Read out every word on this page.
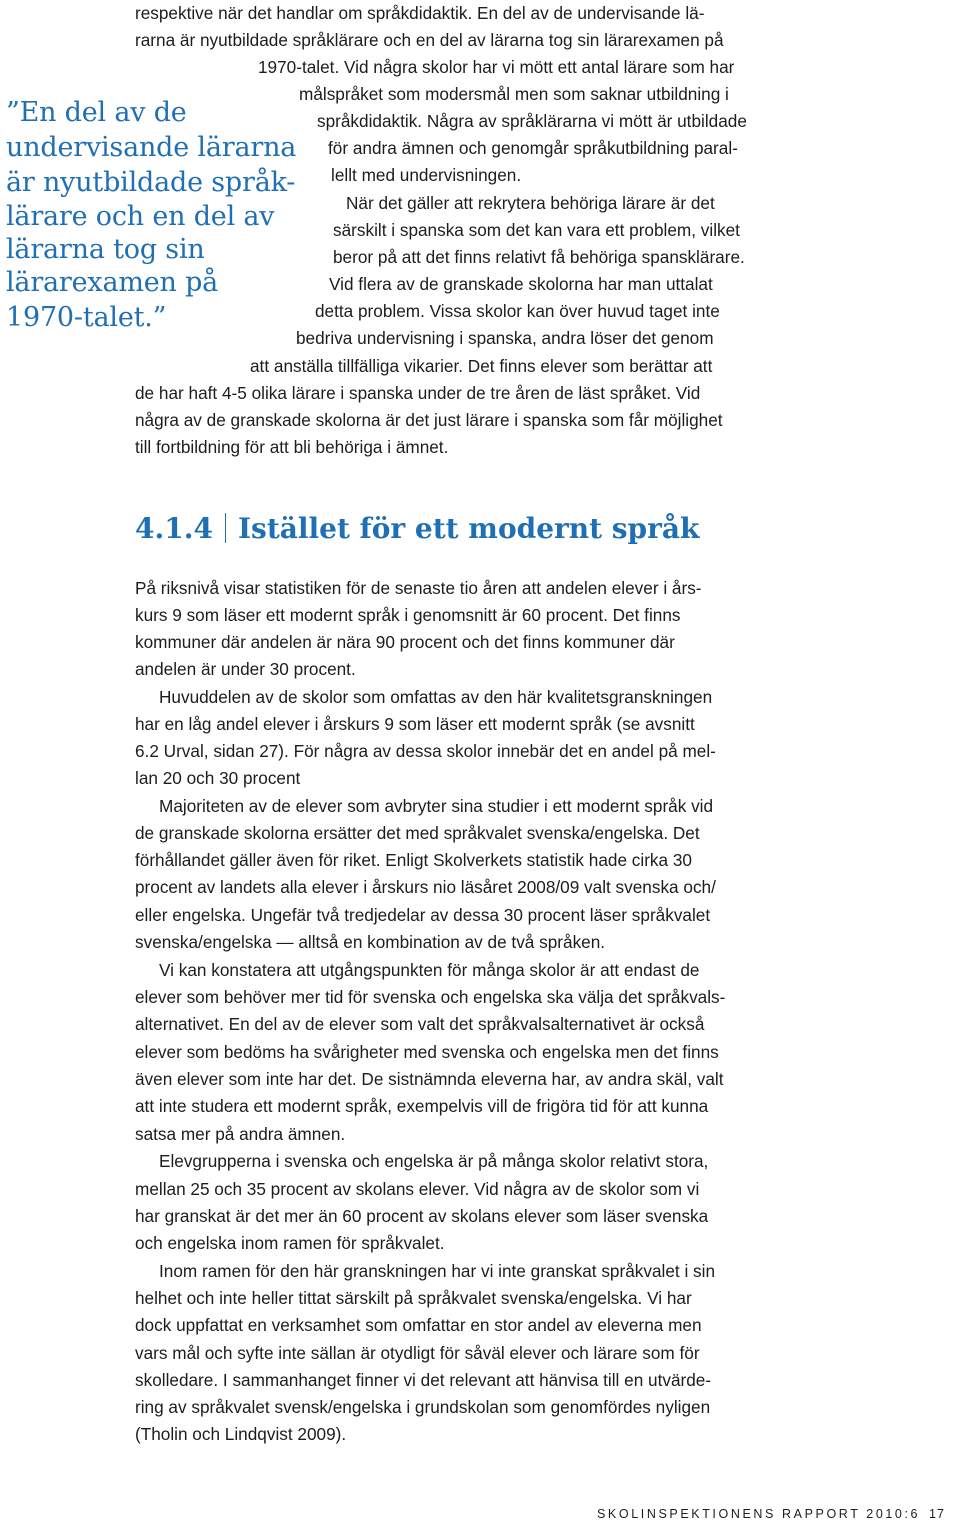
respektive när det handlar om språkdidaktik. En del av de undervisande lä-

rarna är nyutbildade språklärare och en del av lärarna tog sin lärarexamen på

1970-talet. Vid några skolor har vi mött ett antal lärare som har

målspråket som modersmål men som saknar utbildning i

språkdidaktik. Några av språklärarna vi mött är utbildade

för andra ämnen och genomgår språkutbildning paral-

lellt med undervisningen.

När det gäller att rekrytera behöriga lärare är det

särskilt i spanska som det kan vara ett problem, vilket

beror på att det finns relativt få behöriga spansklärare.

Vid flera av de granskade skolorna har man uttalat

detta problem. Vissa skolor kan över huvud taget inte

bedriva undervisning i spanska, andra löser det genom

att anställa tillfälliga vikarier. Det finns elever som berättar att

de har haft 4-5 olika lärare i spanska under de tre åren de läst språket. Vid

några av de granskade skolorna är det just lärare i spanska som får möjlighet

till fortbildning för att bli behöriga i ämnet.

”En del av de

undervisande lärarna

är nyutbildade språk-

lärare och en del av

lärarna tog sin

lärarexamen på

1970-talet.”

4.1.4 Istället för ett modernt språk

På riksnivå visar statistiken för de senaste tio åren att andelen elever i års-

kurs 9 som läser ett modernt språk i genomsnitt är 60 procent. Det finns

kommuner där andelen är nära 90 procent och det finns kommuner där

andelen är under 30 procent.

Huvuddelen av de skolor som omfattas av den här kvalitetsgranskningen

har en låg andel elever i årskurs 9 som läser ett modernt språk (se avsnitt

6.2 Urval, sidan 27). För några av dessa skolor innebär det en andel på mel-

lan 20 och 30 procent

Majoriteten av de elever som avbryter sina studier i ett modernt språk vid

de granskade skolorna ersätter det med språkvalet svenska/engelska. Det

förhållandet gäller även för riket. Enligt Skolverkets statistik hade cirka 30

procent av landets alla elever i årskurs nio läsåret 2008/09 valt svenska och/

eller engelska. Ungefär två tredjedelar av dessa 30 procent läser språkvalet

svenska/engelska — alltså en kombination av de två språken.

Vi kan konstatera att utgångspunkten för många skolor är att endast de

elever som behöver mer tid för svenska och engelska ska välja det språkvals-

alternativet. En del av de elever som valt det språkvalsalternativet är också

elever som bedöms ha svårigheter med svenska och engelska men det finns

även elever som inte har det. De sistnämnda eleverna har, av andra skäl, valt

att inte studera ett modernt språk, exempelvis vill de frigöra tid för att kunna

satsa mer på andra ämnen.

Elevgrupperna i svenska och engelska är på många skolor relativt stora,

mellan 25 och 35 procent av skolans elever. Vid några av de skolor som vi

har granskat är det mer än 60 procent av skolans elever som läser svenska

och engelska inom ramen för språkvalet.

Inom ramen för den här granskningen har vi inte granskat språkvalet i sin

helhet och inte heller tittat särskilt på språkvalet svenska/engelska. Vi har

dock uppfattat en verksamhet som omfattar en stor andel av eleverna men

vars mål och syfte inte sällan är otydligt för såväl elever och lärare som för

skolledare. I sammanhanget finner vi det relevant att hänvisa till en utvärde-

ring av språkvalet svensk/engelska i grundskolan som genomfördes nyligen

(Tholin och Lindqvist 2009).

SKOLINSPEKTIONENS RAPPORT 2010:6 17
